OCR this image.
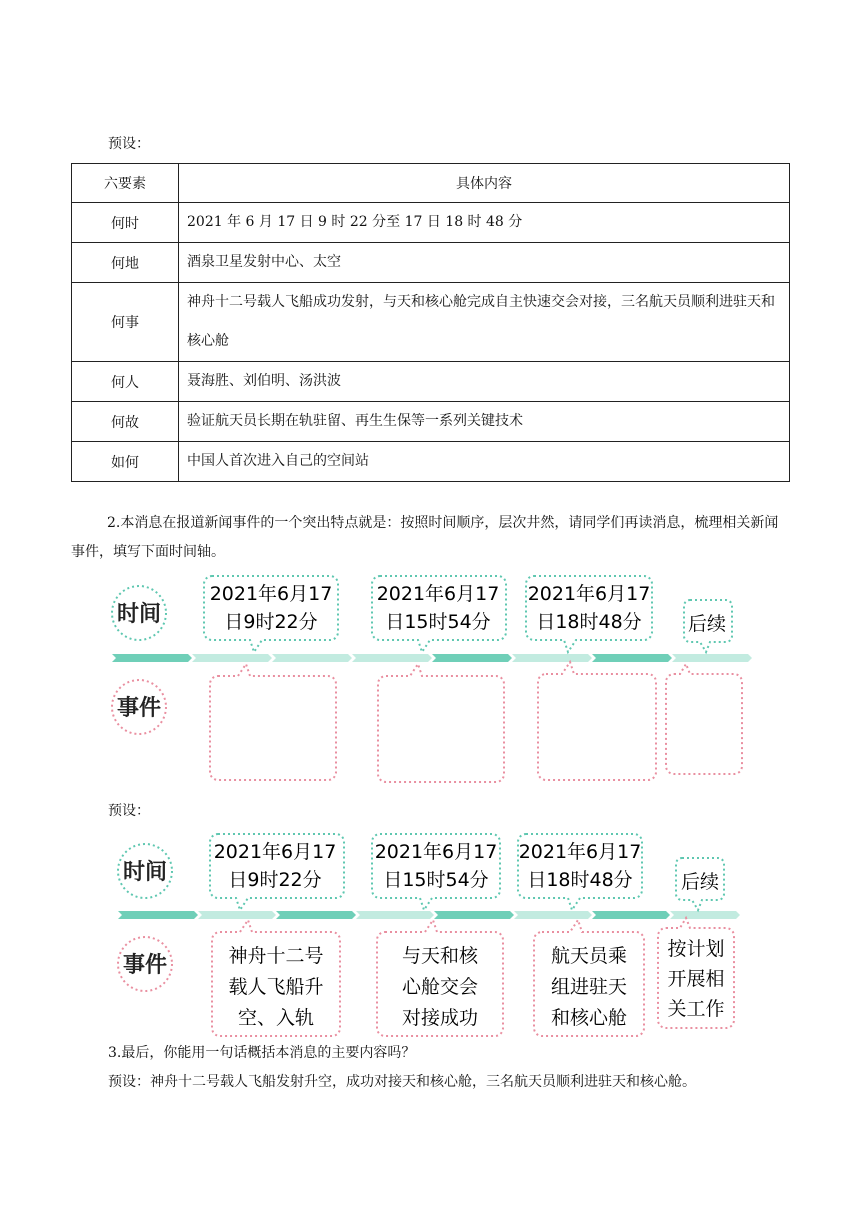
预设：
六要素	具体内容
何时	2021 年 6 月 17 日 9 时 22 分至 17 日 18 时 48 分
何地	酒泉卫星发射中心、太空
何事	神舟十二号载人飞船成功发射，与天和核心舱完成自主快速交会对接，三名航天员顺利进驻天和核心舱
何人	聂海胜、刘伯明、汤洪波
何故	验证航天员长期在轨驻留、再生生保等一系列关键技术
如何	中国人首次进入自己的空间站
2.本消息在报道新闻事件的一个突出特点就是：按照时间顺序，层次井然，请同学们再读消息，梳理相关新闻事件，填写下面时间轴。
时间
事件
2021年6月17
日9时22分
2021年6月17
日15时54分
2021年6月17
日18时48分 后续
预设：
时间
事件
2021年6月17
日9时22分
2021年6月17
日15时54分
2021年6月17
日18时48分	后续
神舟十二号
载人飞船升
空、入轨
与天和核
心舱交会
对接成功
航天员乘
组进驻天
和核心舱
按计划
开展相
关工作
3.最后，你能用一句话概括本消息的主要内容吗？
预设：神舟十二号载人飞船发射升空，成功对接天和核心舱，三名航天员顺利进驻天和核心舱。
